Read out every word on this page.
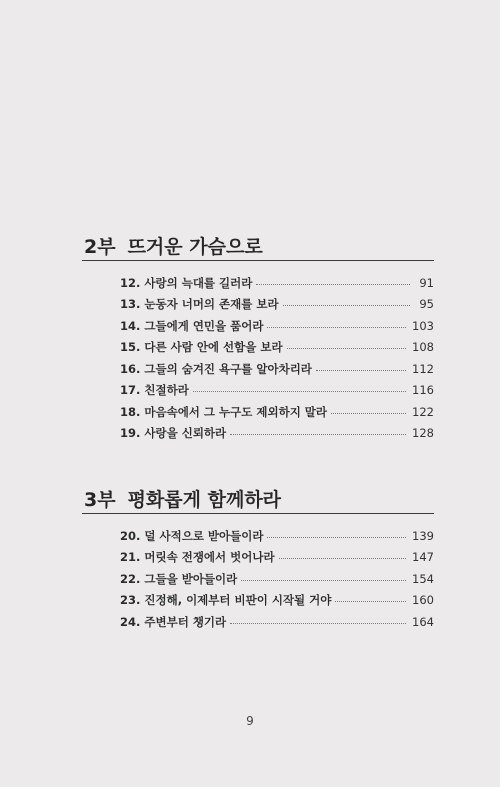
2부 뜨거운 가슴으로
12. 사랑의 늑대를 길러라	91
13. 눈동자 너머의 존재를 보라	95
14. 그들에게 연민을 품어라	103
15. 다른 사람 안에 선함을 보라	108
16. 그들의 숨겨진 욕구를 알아차리라	112
17. 친절하라	116
18. 마음속에서 그 누구도 제외하지 말라	122
19. 사랑을 신뢰하라	128
3부 평화롭게 함께하라
20. 덜 사적으로 받아들이라	139
21. 머릿속 전쟁에서 벗어나라	147
22. 그들을 받아들이라	154
23. 진정해, 이제부터 비판이 시작될 거야	160
24. 주변부터 챙기라	164
9
